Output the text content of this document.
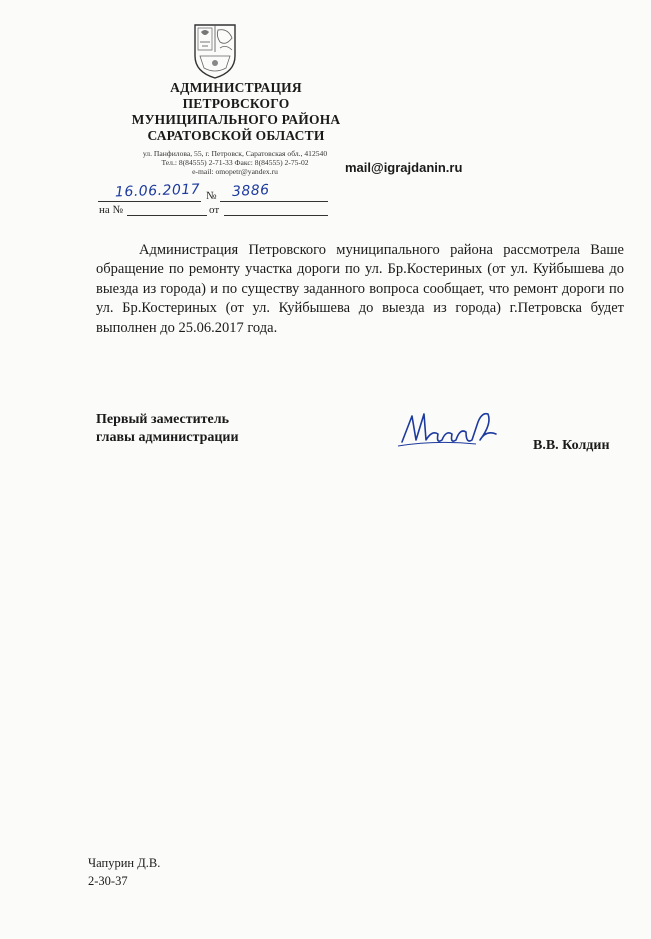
АДМИНИСТРАЦИЯ
ПЕТРОВСКОГО
МУНИЦИПАЛЬНОГО РАЙОНА
САРАТОВСКОЙ ОБЛАСТИ
ул. Панфилова, 55, г. Петровск, Саратовская обл., 412540
Тел.: 8(84555) 2-71-33 Факс: 8(84555) 2-75-02
e-mail: omopetr@yandex.ru	mail@igrajdanin.ru
16.06.2017 № 3886
на №	от
Администрация Петровского муниципального района рассмотрела Ваше обращение по ремонту участка дороги по ул. Бр.Костериных (от ул. Куйбышева до выезда из города) и по существу заданного вопроса сообщает, что ремонт дороги по ул. Бр.Костериных (от ул. Куйбышева до выезда из города) г.Петровска будет выполнен до 25.06.2017 года.
Первый заместитель
главы администрации
В.В. Колдин
Чапурин Д.В.
2-30-37
